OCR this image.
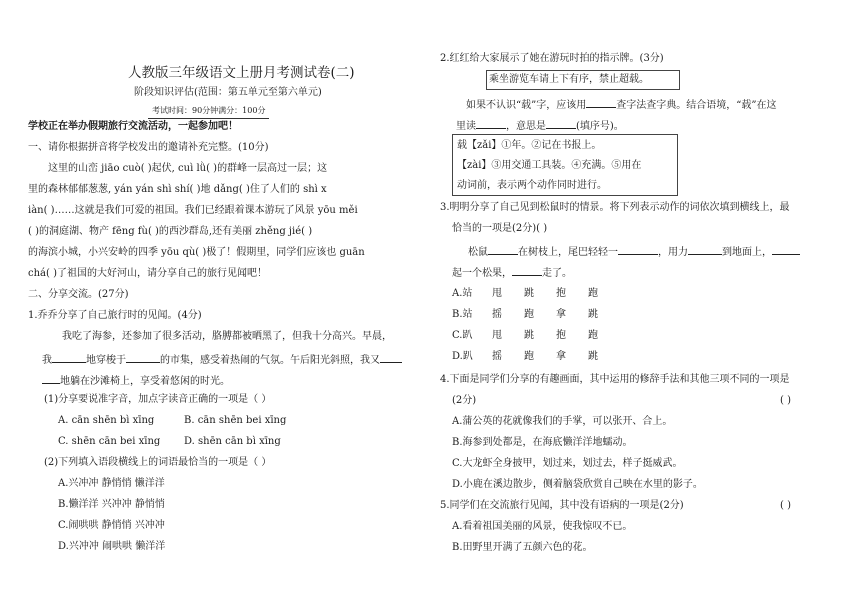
人教版三年级语文上册月考测试卷(二)
阶段知识评估(范围：第五单元至第六单元)
考试时间：90分钟满分：100分
学校正在举办假期旅行交流活动，一起参加吧！
一、请你根据拼音将学校发出的邀请补充完整。(10分)
这里的山峦 jiāo cuò( )起伏, cuì lǜ( )的群峰一层高过一层；这
里的森林郁郁葱葱, yán yán shì shí( )地 dǎng( )住了人们的 shì x
iàn( )……这就是我们可爱的祖国。我们已经跟着课本游玩了风景 yōu měi
( )的洞庭湖、物产 fēng fù( )的西沙群岛,还有美丽 zhěng jié( )
的海滨小城，小兴安岭的四季 yōu qù( )极了！假期里，同学们应该也 guān
chá( )了祖国的大好河山，请分享自己的旅行见闻吧！
二、分享交流。(27分)
1.乔乔分享了自己旅行时的见闻。(4分)
我吃了海参，还参加了很多活动，胳膊都被晒黑了，但我十分高兴。早晨，
我	地穿梭于	的市集，感受着热闹的气氛。午后阳光斜照，我又
地躺在沙滩椅上，享受着悠闲的时光。
(1)分享要说准字音，加点字读音正确的一项是（ ）
A. cān shēn bì xīng	B. cān shēn bei xīng
C. shēn cān bei xīng D. shēn cān bì xīng
(2)下列填入语段横线上的词语最恰当的一项是（ ）
A.兴冲冲 静悄悄 懒洋洋
B.懒洋洋 兴冲冲 静悄悄
C.闹哄哄 静悄悄 兴冲冲
D.兴冲冲 闹哄哄 懒洋洋
2.红红给大家展示了她在游玩时拍的指示牌。(3分)
乘坐游览车请上下有序，禁止超载。
如果不认识“载”字，应该用	查字法查字典。结合语境，“载”在这
里读	，意思是	(填序号)。
载【zǎi】①年。②记在书报上。
【zài】③用交通工具装。④充满。⑤用在
动词前，表示两个动作同时进行。
3.明明分享了自己见到松鼠时的情景。将下列表示动作的词依次填到横线上，最
恰当的一项是(2分)( )
松鼠	在树枝上，尾巴轻轻一	，用力	到地面上，
起一个松果，	走了。
A.站 甩 跳 抱 跑
B.站 摇 跑 拿 跳
C.趴 甩 跳 抱 跑
D.趴 摇 跑 拿 跳
4.下面是同学们分享的有趣画面，其中运用的修辞手法和其他三项不同的一项是
(2分)	( )
A.蒲公英的花就像我们的手掌，可以张开、合上。
B.海参到处都是，在海底懒洋洋地蠕动。
C.大龙虾全身披甲，划过来，划过去，样子挺威武。
D.小鹿在溪边散步，侧着脑袋欣赏自己映在水里的影子。
5.同学们在交流旅行见闻，其中没有语病的一项是(2分)	( )
A.看着祖国美丽的风景，使我惊叹不已。
B.田野里开满了五颜六色的花。
